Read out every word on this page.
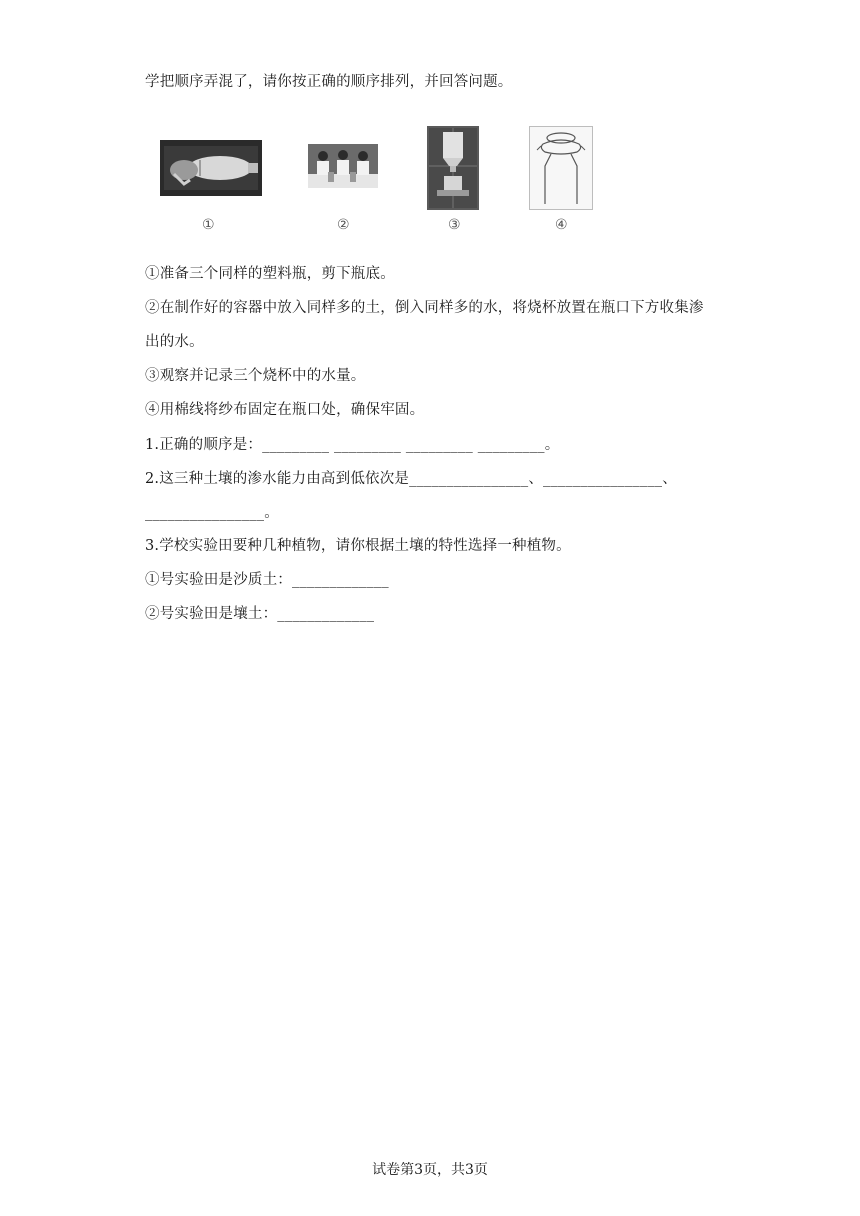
学把顺序弄混了，请你按正确的顺序排列，并回答问题。
①	②	③	④
①准备三个同样的塑料瓶，剪下瓶底。
②在制作好的容器中放入同样多的土，倒入同样多的水，将烧杯放置在瓶口下方收集渗
出的水。
③观察并记录三个烧杯中的水量。
④用棉线将纱布固定在瓶口处，确保牢固。
1.正确的顺序是：_________ _________ _________ _________。
2.这三种土壤的渗水能力由高到低依次是________________、________________、
________________。
3.学校实验田要种几种植物，请你根据土壤的特性选择一种植物。
①号实验田是沙质土：_____________
②号实验田是壤土：_____________
试卷第3页，共3页
